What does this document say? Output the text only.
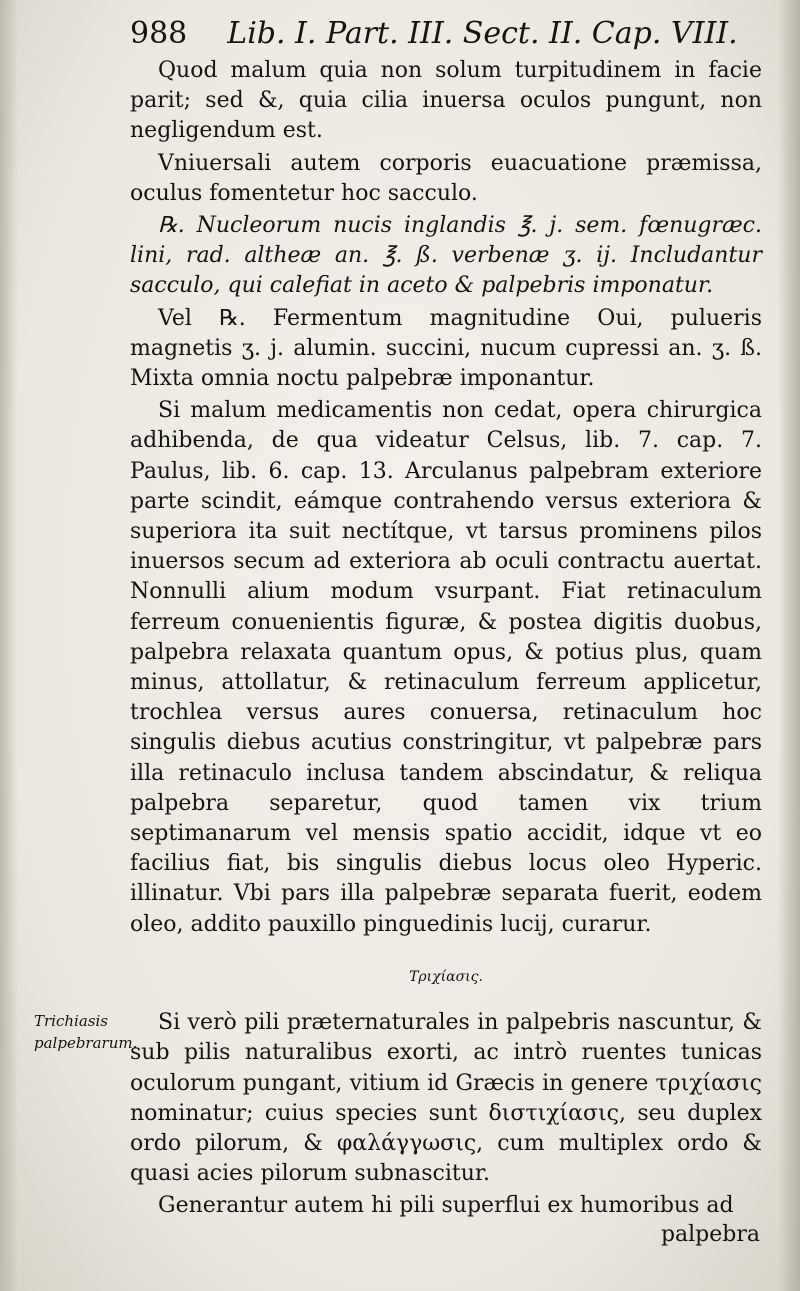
988 Lib. I. Part. III. Sect. II. Cap. VIII.
Trichiasis palpebrarum.

Quod malum quia non solum turpitudinem in facie parit; sed &, quia cilia inuersa oculos pungunt, non negligendum est.

Vniuersali autem corporis euacuatione præmissa, oculus fomentetur hoc sacculo.

℞. Nucleorum nucis inglandis ℥. j. sem. fœnugræc. lini, rad. altheæ an. ℥. ß. verbenæ ʒ. ij. Includantur sacculo, qui calefiat in aceto & palpebris imponatur.

Vel ℞. Fermentum magnitudine Oui, pulueris magnetis ʒ. j. alumin. succini, nucum cupressi an. ʒ. ß. Mixta omnia noctu palpebræ imponantur.

Si malum medicamentis non cedat, opera chirurgica adhibenda, de qua videatur Celsus, lib. 7. cap. 7. Paulus, lib. 6. cap. 13. Arculanus palpebram exteriore parte scindit, eámque contrahendo versus exteriora & superiora ita suit nectítque, vt tarsus prominens pilos inuersos secum ad exteriora ab oculi contractu auertat. Nonnulli alium modum vsurpant. Fiat retinaculum ferreum conuenientis figuræ, & postea digitis duobus, palpebra relaxata quantum opus, & potius plus, quam minus, attollatur, & retinaculum ferreum applicetur, trochlea versus aures conuersa, retinaculum hoc singulis diebus acutius constringitur, vt palpebræ pars illa retinaculo inclusa tandem abscindatur, & reliqua palpebra separetur, quod tamen vix trium septimanarum vel mensis spatio accidit, idque vt eo facilius fiat, bis singulis diebus locus oleo Hyperic. illinatur. Vbi pars illa palpebræ separata fuerit, eodem oleo, addito pauxillo pinguedinis lucij, curarur.

Τριχίασις.

Si verò pili præternaturales in palpebris nascuntur, & sub pilis naturalibus exorti, ac intrò ruentes tunicas oculorum pungant, vitium id Græcis in genere τριχίασις nominatur; cuius species sunt διστιχίασις, seu duplex ordo pilorum, & φαλάγγωσις, cum multiplex ordo & quasi acies pilorum subnascitur.

Generantur autem hi pili superflui ex humoribus ad

palpebra
